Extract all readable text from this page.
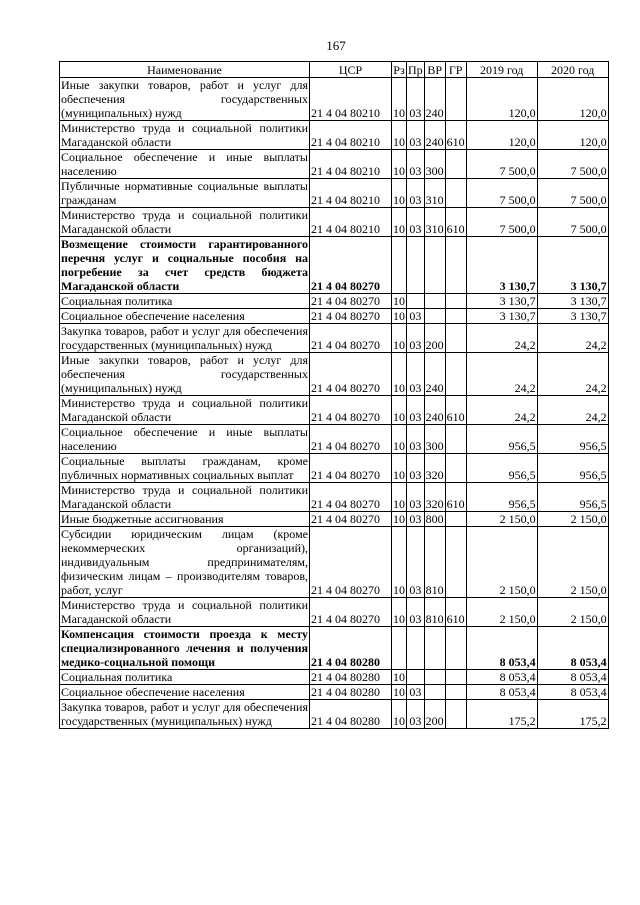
167
Наименование	ЦСР	Рз	Пр	ВР	ГР	2019 год	2020 год
Иные закупки товаров, работ и услуг для обеспечения государственных (муниципальных) нужд	21 4 04 80210	10	03	240		120,0	120,0
Министерство труда и социальной политики Магаданской области	21 4 04 80210	10	03	240	610	120,0	120,0
Социальное обеспечение и иные выплаты населению	21 4 04 80210	10	03	300		7 500,0	7 500,0
Публичные нормативные социальные выплаты гражданам	21 4 04 80210	10	03	310		7 500,0	7 500,0
Министерство труда и социальной политики Магаданской области	21 4 04 80210	10	03	310	610	7 500,0	7 500,0
Возмещение стоимости гарантированного перечня услуг и социальные пособия на погребение за счет средств бюджета Магаданской области	21 4 04 80270					3 130,7	3 130,7
Социальная политика	21 4 04 80270	10				3 130,7	3 130,7
Социальное обеспечение населения	21 4 04 80270	10	03			3 130,7	3 130,7
Закупка товаров, работ и услуг для обеспечения государственных (муниципальных) нужд	21 4 04 80270	10	03	200		24,2	24,2
Иные закупки товаров, работ и услуг для обеспечения государственных (муниципальных) нужд	21 4 04 80270	10	03	240		24,2	24,2
Министерство труда и социальной политики Магаданской области	21 4 04 80270	10	03	240	610	24,2	24,2
Социальное обеспечение и иные выплаты населению	21 4 04 80270	10	03	300		956,5	956,5
Социальные выплаты гражданам, кроме публичных нормативных социальных выплат	21 4 04 80270	10	03	320		956,5	956,5
Министерство труда и социальной политики Магаданской области	21 4 04 80270	10	03	320	610	956,5	956,5
Иные бюджетные ассигнования	21 4 04 80270	10	03	800		2 150,0	2 150,0
Субсидии юридическим лицам (кроме некоммерческих организаций), индивидуальным предпринимателям, физическим лицам – производителям товаров, работ, услуг	21 4 04 80270	10	03	810		2 150,0	2 150,0
Министерство труда и социальной политики Магаданской области	21 4 04 80270	10	03	810	610	2 150,0	2 150,0
Компенсация стоимости проезда к месту специализированного лечения и получения медико-социальной помощи	21 4 04 80280					8 053,4	8 053,4
Социальная политика	21 4 04 80280	10				8 053,4	8 053,4
Социальное обеспечение населения	21 4 04 80280	10	03			8 053,4	8 053,4
Закупка товаров, работ и услуг для обеспечения государственных (муниципальных) нужд	21 4 04 80280	10	03	200		175,2	175,2
